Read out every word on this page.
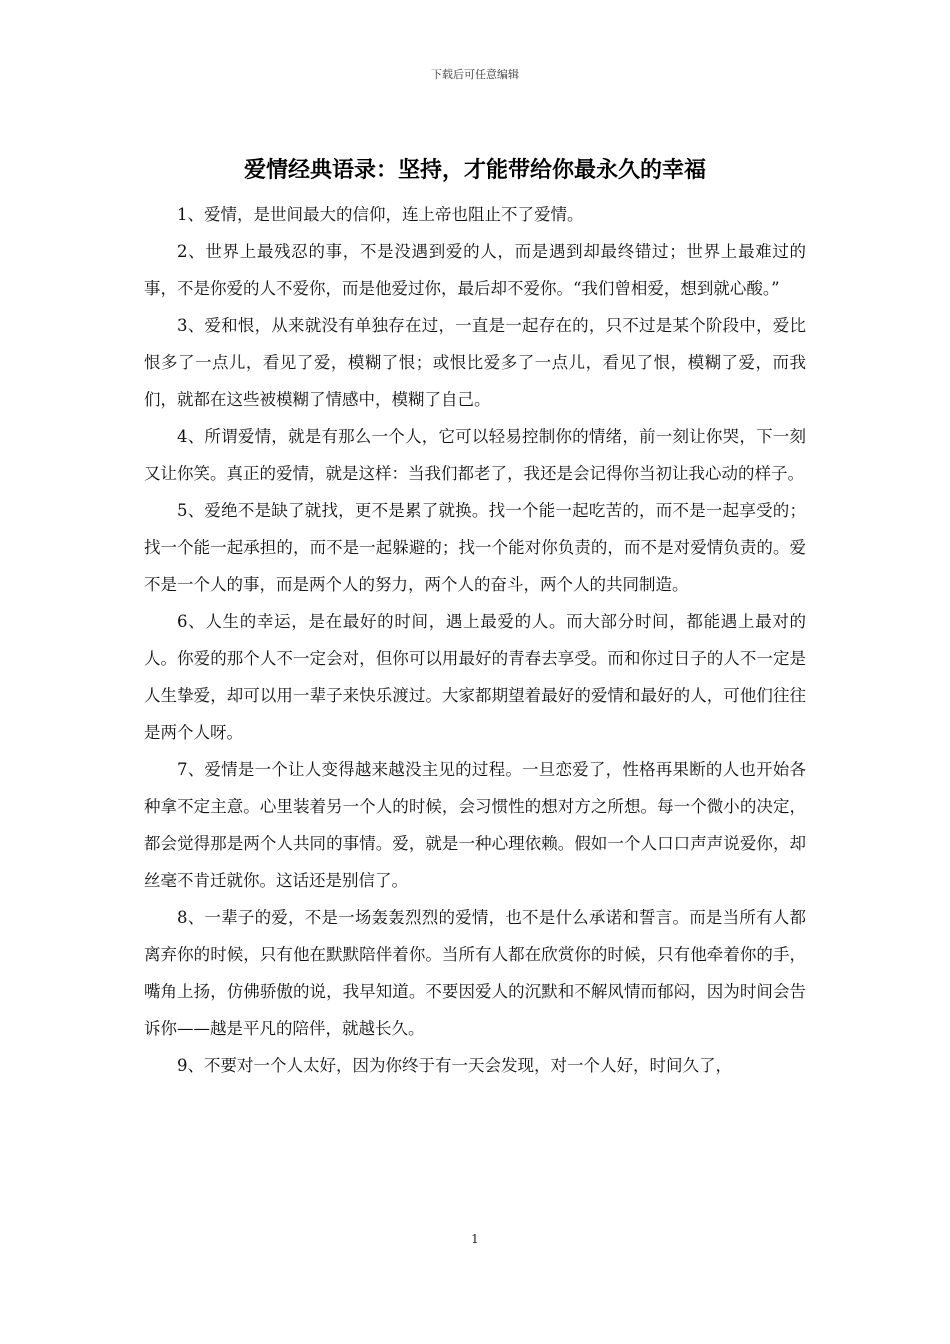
下载后可任意编辑
爱情经典语录：坚持，才能带给你最永久的幸福

1、爱情，是世间最大的信仰，连上帝也阻止不了爱情。

2、世界上最残忍的事，不是没遇到爱的人，而是遇到却最终错过；世界上最难过的事，不是你爱的人不爱你，而是他爱过你，最后却不爱你。“我们曾相爱，想到就心酸。”

3、爱和恨，从来就没有单独存在过，一直是一起存在的，只不过是某个阶段中，爱比恨多了一点儿，看见了爱，模糊了恨；或恨比爱多了一点儿，看见了恨，模糊了爱，而我们，就都在这些被模糊了情感中，模糊了自己。

4、所谓爱情，就是有那么一个人，它可以轻易控制你的情绪，前一刻让你哭，下一刻又让你笑。真正的爱情，就是这样：当我们都老了，我还是会记得你当初让我心动的样子。

5、爱绝不是缺了就找，更不是累了就换。找一个能一起吃苦的，而不是一起享受的；找一个能一起承担的，而不是一起躲避的；找一个能对你负责的，而不是对爱情负责的。爱不是一个人的事，而是两个人的努力，两个人的奋斗，两个人的共同制造。

6、人生的幸运，是在最好的时间，遇上最爱的人。而大部分时间，都能遇上最对的人。你爱的那个人不一定会对，但你可以用最好的青春去享受。而和你过日子的人不一定是人生挚爱，却可以用一辈子来快乐渡过。大家都期望着最好的爱情和最好的人，可他们往往是两个人呀。

7、爱情是一个让人变得越来越没主见的过程。一旦恋爱了，性格再果断的人也开始各种拿不定主意。心里装着另一个人的时候，会习惯性的想对方之所想。每一个微小的决定，都会觉得那是两个人共同的事情。爱，就是一种心理依赖。假如一个人口口声声说爱你，却丝毫不肯迁就你。这话还是别信了。

8、一辈子的爱，不是一场轰轰烈烈的爱情，也不是什么承诺和誓言。而是当所有人都离弃你的时候，只有他在默默陪伴着你。当所有人都在欣赏你的时候，只有他牵着你的手，嘴角上扬，仿佛骄傲的说，我早知道。不要因爱人的沉默和不解风情而郁闷，因为时间会告诉你——越是平凡的陪伴，就越长久。

9、不要对一个人太好，因为你终于有一天会发现，对一个人好，时间久了，

1
